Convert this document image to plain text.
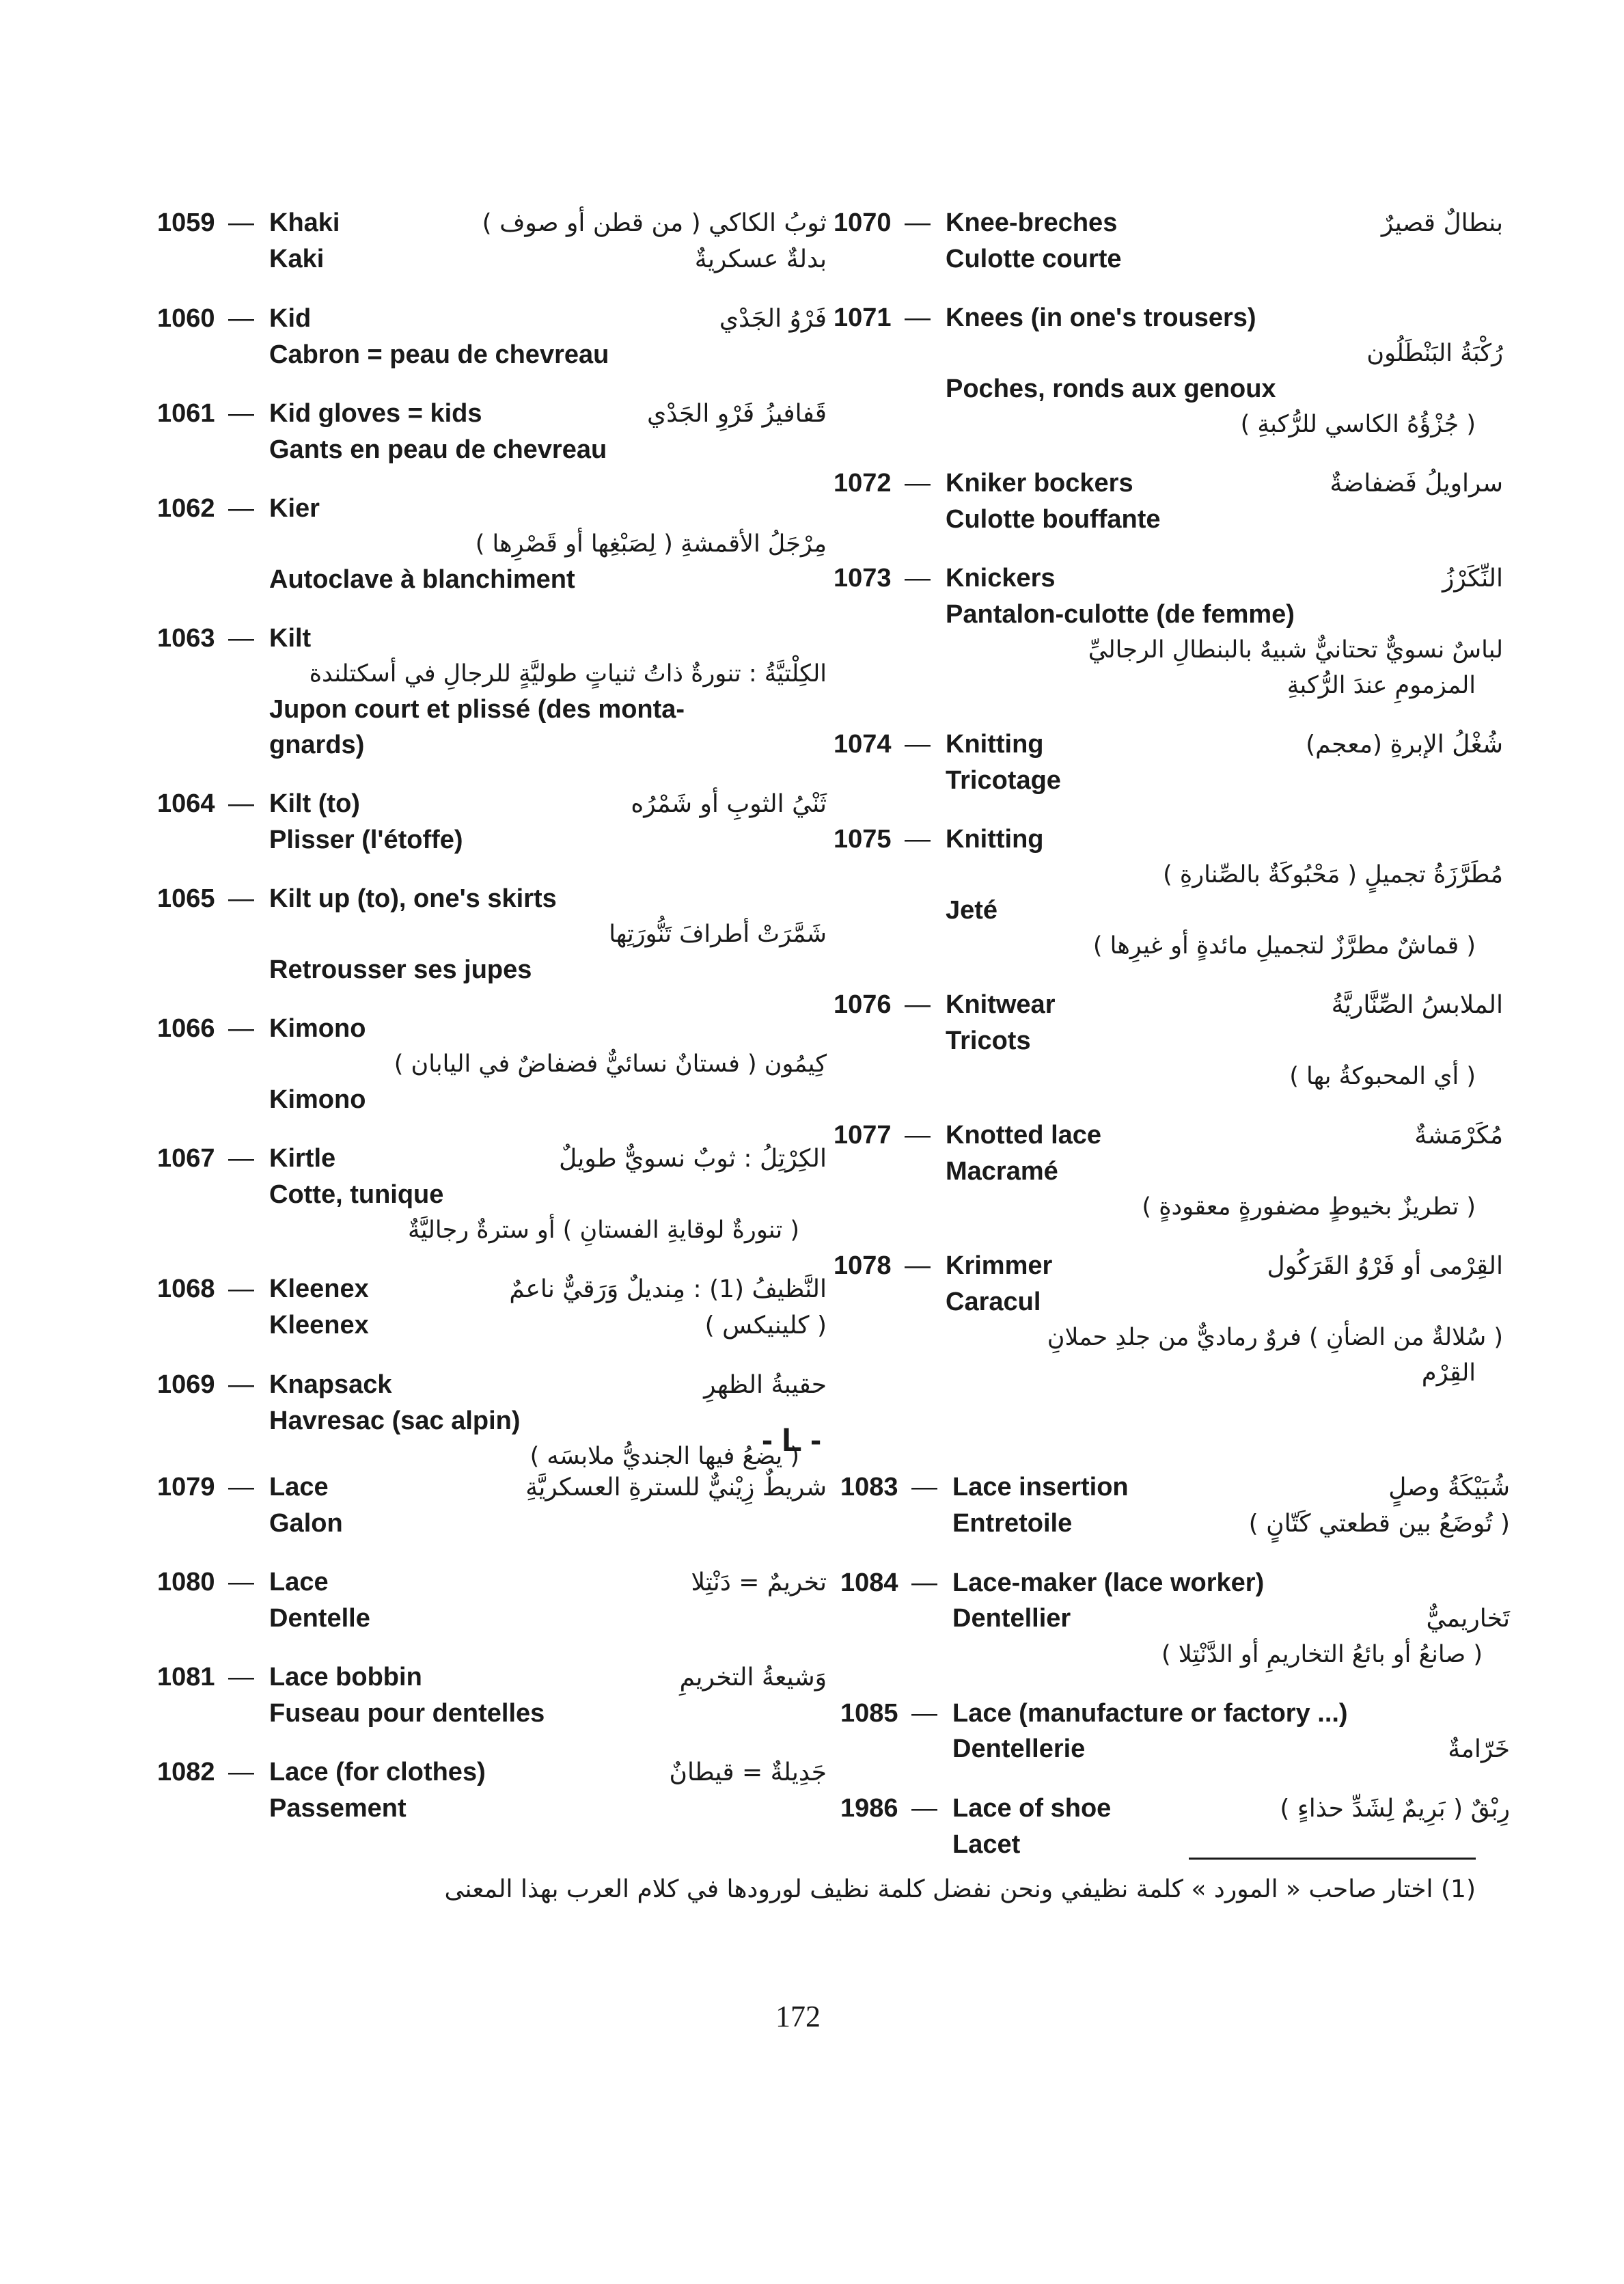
1059 — Khaki	ثوبُ الكاكي ( من قطن أو صوف )
Kaki	بدلةٌ عسكريةٌ
1060 — Kid	فَرْوُ الجَدْي
Cabron = peau de chevreau
1061 — Kid gloves = kids	قَفافيزُ فَرْوِ الجَدْي
Gants en peau de chevreau
1062 — Kier
مِرْجَلُ الأقمشةِ ( لِصَبْغِها أو قَصْرِها )
Autoclave à blanchiment
1063 — Kilt
الكِلْتيَّةُ : تنورةٌ ذاتُ ثنياتٍ طوليَّةٍ للرجالِ في أسكتلندة
Jupon court et plissé (des monta-
gnards)
1064 — Kilt (to)	ثَنْيُ الثوبِ أو شَمْرُه
Plisser (l'étoffe)
1065 — Kilt up (to), one's skirts
شَمَّرَتْ أطرافَ تَنُّورَتِها
Retrousser ses jupes
1066 — Kimono
كِيمُون ( فستانٌ نسائيٌّ فضفاضٌ في اليابان )
Kimono
1067 — Kirtle	الكِرْتِلُ : ثوبٌ نسويٌّ طويلٌ
Cotte, tunique
( تنورةٌ لوقايةِ الفستانِ ) أو سترةٌ رجاليَّةٌ
1068 — Kleenex	النَّظيفُ (1) : مِنديلٌ وَرَقيٌّ ناعمٌ
Kleenex	( كلينيكس )
1069 — Knapsack	حقيبةُ الظهرِ
Havresac (sac alpin)
( يضعُ فيها الجنديُّ ملابسَه )
1070 — Knee-breches	بنطالٌ قصيرٌ
Culotte courte
1071 — Knees (in one's trousers)
رُكْبَةُ البَنْطَلُون
Poches, ronds aux genoux
( جُزْؤُهُ الكاسي للرُّكبةِ )
1072 — Kniker bockers	سراويلُ فَضفاضةٌ
Culotte bouffante
1073 — Knickers	النِّكَرْزُ
Pantalon-culotte (de femme)
لباسٌ نسويٌّ تحتانيٌّ شبيهٌ بالبنطالِ الرجاليِّ
المزمومِ عندَ الرُّكبةِ
1074 — Knitting	شُغْلُ الإبرةِ (معجم)
Tricotage
1075 — Knitting
مُطَرَّزَةُ تجميلٍ ( مَحْبُوكَةٌ بالصِّنارةِ )
Jeté
( قماشٌ مطرَّزٌ لتجميلِ مائدةٍ أو غيرِها )
1076 — Knitwear	الملابسُ الصِّنَّاريَّةُ
Tricots
( أي المحبوكةُ بها )
1077 — Knotted lace	مُكَرْمَشةٌ
Macramé
( تطريزٌ بخيوطٍ مضفورةٍ معقودةٍ )
1078 — Krimmer	القِرْمى أو فَرْوُ القَرَكُول
Caracul
( سُلالةٌ من الضأنِ ) فروٌ رماديٌّ من جلدِ حملانِ
القِرْم
- L -
1079 — Lace	شريطٌ زِيْنيٌّ للسترةِ العسكريَّةِ
Galon
1080 — Lace	تخريمٌ = دَنْتِلا
Dentelle
1081 — Lace bobbin	وَشيعةُ التخريمِ
Fuseau pour dentelles
1082 — Lace (for clothes)	جَدِيلةٌ = قيطانٌ
Passement
1083 — Lace insertion	شُبَيْكَةُ وصلٍ
Entretoile	( تُوضَعُ بين قطعتي كَتّانٍ )
1084 — Lace-maker (lace worker)
Dentellier	تَخاريميٌّ
( صانعُ أو بائعُ التخاريمِ أو الدَّنْتِلا )
1085 — Lace (manufacture or factory ...)
Dentellerie	خَرّامةٌ
1986 — Lace of shoe	رِبْقٌ ( بَرِيمٌ لِشَدِّ حذاءٍ )
Lacet
(1) اختار صاحب « المورد » كلمة نظيفي ونحن نفضل كلمة نظيف لورودها في كلام العرب بهذا المعنى
172
